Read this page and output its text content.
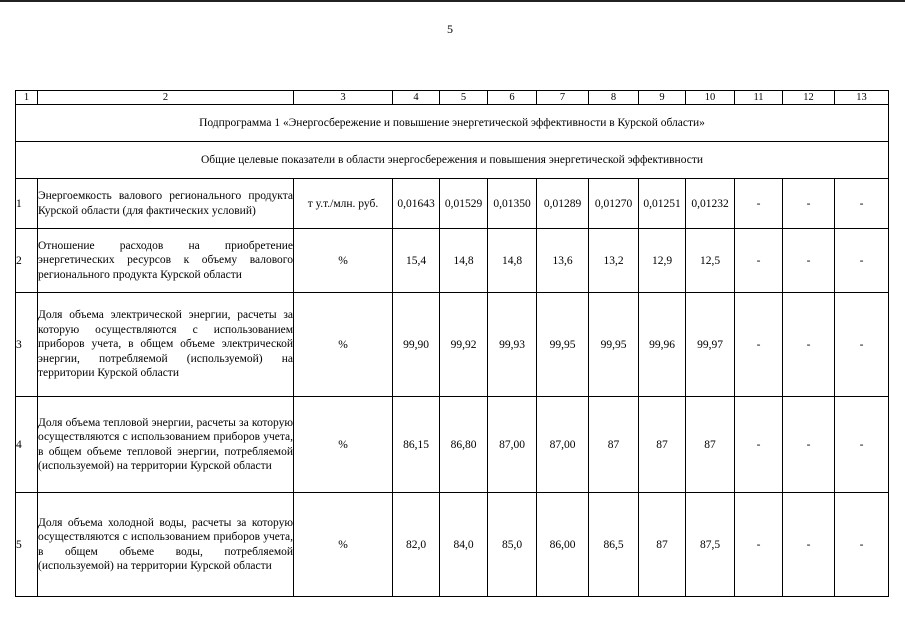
5
1	2	3	4	5	6	7	8	9	10	11	12	13
Подпрограмма 1 «Энергосбережение и повышение энергетической эффективности в Курской области»												
Общие целевые показатели в области энергосбережения и повышения энергетической эффективности												
1	Энергоемкость валового регионального продукта Курской области (для фактических условий)	т у.т./млн. руб.	0,01643	0,01529	0,01350	0,01289	0,01270	0,01251	0,01232	-	-	-
2	Отношение расходов на приобретение энергетических ресурсов к объему валового регионального продукта Курской области	%	15,4	14,8	14,8	13,6	13,2	12,9	12,5	-	-	-
3	Доля объема электрической энергии, расчеты за которую осуществляются с использованием приборов учета, в общем объеме электрической энергии, потребляемой (используемой) на территории Курской области	%	99,90	99,92	99,93	99,95	99,95	99,96	99,97	-	-	-
4	Доля объема тепловой энергии, расчеты за которую осуществляются с использованием приборов учета, в общем объеме тепловой энергии, потребляемой (используемой) на территории Курской области	%	86,15	86,80	87,00	87,00	87	87	87	-	-	-
5	Доля объема холодной воды, расчеты за которую осуществляются с использованием приборов учета, в общем объеме воды, потребляемой (используемой) на территории Курской области	%	82,0	84,0	85,0	86,00	86,5	87	87,5	-	-	-
